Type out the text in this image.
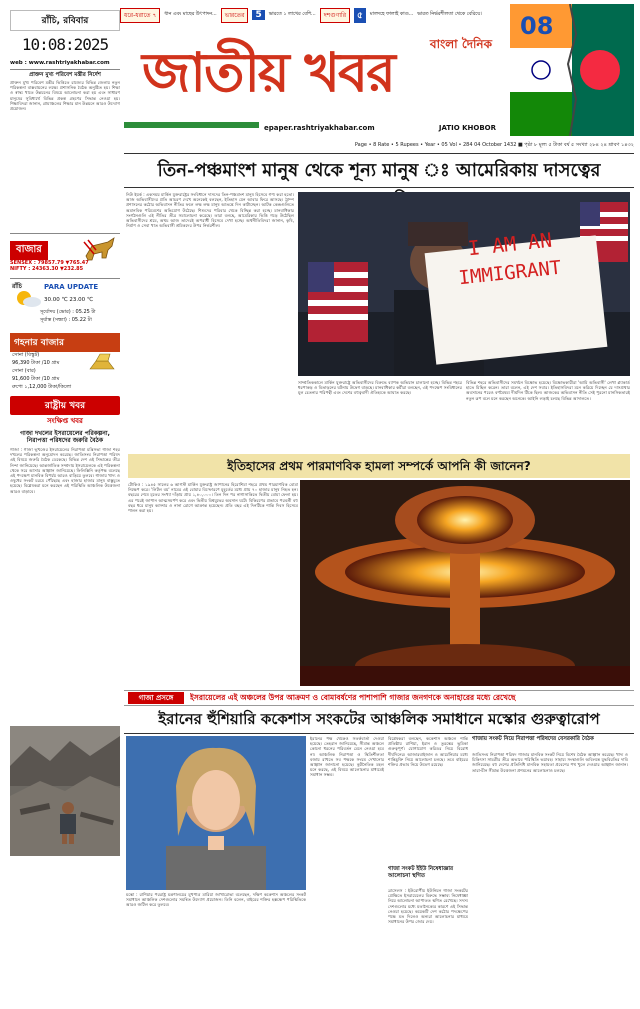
ধরে-ধরাতে ৭	ধান এবং মাছের উৎপাদন...	ভারতের	5	ভারতে ১ লাখের বেশি...	দশগুণারি	৫	মালদহে ফালাই কাণ্ড... ভারত নির্ভরশীলতা থেকে বেরিয়ে।
রাঁচি, রবিবার
10:08:2025
web : www.rashtriyakhabar.com
প্রাক্তন মুখ্য পরিবেশ মন্ত্রীর নির্দেশ
প্রাক্তন মুখ্য পরিবেশ মন্ত্রীর ভিত্তিতে রাজ্যের বিভিন্ন জেলায় নতুন পরিকল্পনা বাস্তবায়নের লক্ষ্যে প্রশাসনিক বৈঠক অনুষ্ঠিত হয়। শিক্ষা ও স্বাস্থ্য খাতে উন্নয়নের বিষয়ে আলোচনা করা হয় এবং সাধারণ মানুষের সুবিধার্থে বিভিন্ন প্রকল্প গ্রহণের সিদ্ধান্ত নেওয়া হয়। শিক্ষাবিদরা জানান, গ্রামাঞ্চলের শিক্ষার মান উন্নয়নে আরও উদ্যোগ প্রয়োজন।
বাজার
SENSEX : 79857.79 ▼765.47
NIFTY : 24363.30 ▼232.85
রাঁচি	PARA UPDATE
30.00 ℃ 23.00 ℃
সূর্যোদয় (ভোর) : 05.25 টা
সূর্যাস্ত (সন্ধ্যা) : 05.22 টা
গহনার বাজার
সোনা (বিস্কুট)
96,390 টাকা /10 গ্রাম
সোনা (বার)
91,600 টাকা /10 গ্রাম
রুপো ১,12,000 টাকা/কিলো
রাষ্ট্রীয় খবর
সংক্ষিপ্ত খবর
গাজা দখলের ইসরায়েলের পরিকল্পনা, নিরাপত্তা পরিষদের জরুরি বৈঠক
গাজা : গাজা ভূখণ্ডের ইসরায়েলের নিরাপত্তা মন্ত্রিসভা গাজা শহর দখলের পরিকল্পনা অনুমোদন করেছে। জাতিসংঘ নিরাপত্তা পরিষদ এই বিষয়ে জরুরি বৈঠক ডেকেছে। বিভিন্ন দেশ এই সিদ্ধান্তের তীব্র নিন্দা জানিয়েছে। আন্তর্জাতিক সম্প্রদায় ইসরায়েলকে এই পরিকল্পনা থেকে সরে আসার আহ্বান জানিয়েছে। ফিলিস্তিনি কর্তৃপক্ষ বলেছে এই পদক্ষেপ মানবিক বিপর্যয় আরও বাড়িয়ে তুলবে। গাজায় খাদ্য ও ওষুধের সংকট চরমে পৌঁছেছে এবং হাজার হাজার মানুষ বাস্তুচ্যুত হয়েছে। বিশ্লেষকরা মনে করছেন এই পরিস্থিতি আঞ্চলিক উত্তেজনা আরও বাড়াবে।
বাংলা দৈনিক
জাতীয় খবর
epaper.rashtriyakhabar.com	JATIO KHOBOR
08
Page • 8 Rate • 5 Rupees • Year • 05 Vol • 284 04 October 1432 ■ পৃষ্ঠা ৮ মূল্য ৫ টাকা বর্ষ ৫ সংখ্যা ২৮৪ ২৪ শ্রাবণ ১৪৩২
তিন-পঞ্চমাংশ মানুষ থেকে শূন্য মানুষ ঃ আমেরিকায় দাসত্বের
নিউ ইয়র্ক : একসময় মার্কিন যুক্তরাষ্ট্রের সংবিধানে দাসদের তিন-পঞ্চমাংশ মানুষ হিসেবে গণ্য করা হতো। আজ অভিবাসীদের প্রতি আচরণ দেখে অনেকেই বলছেন, ইতিহাস যেন আবার ফিরে আসছে। ট্রাম্প প্রশাসনের কঠোর অভিবাসন নীতির ফলে লক্ষ লক্ষ মানুষ আতঙ্কে দিন কাটাচ্ছেন। আটক কেন্দ্রগুলিতে অমানবিক পরিবেশের অভিযোগ উঠেছে। শিশুদের পরিবার থেকে বিচ্ছিন্ন করা হচ্ছে। মানবাধিকার সংগঠনগুলি এই নীতির তীব্র সমালোচনা করেছে। তারা বলছে, আমেরিকার ভিত্তি গড়ে উঠেছিল অভিবাসীদের শ্রমে, অথচ আজ তাদেরই অপরাধী হিসেবে দেখা হচ্ছে। অর্থনীতিবিদরা জানান, কৃষি, নির্মাণ ও সেবা খাত অভিবাসী শ্রমিকদের উপর নির্ভরশীল।
I AM AN
IMMIGRANT
সাম্প্রতিককালে মার্কিন যুক্তরাষ্ট্রে অভিবাসীদের বিরুদ্ধে ব্যাপক অভিযান চালানো হচ্ছে। বিভিন্ন শহরে ধরপাকড় ও বিতাড়নের ঘটনায় উদ্বেগ বাড়ছে। মানবাধিকার কর্মীরা বলছেন, এই পদক্ষেপ সংবিধানের মূল চেতনার পরিপন্থী এবং দেশের বহুত্ববাদী ঐতিহ্যকে আঘাত করছে।
বিভিন্ন শহরে অভিবাসীদের সমর্থনে বিক্ষোভ হয়েছে। বিক্ষোভকারীরা 'আমি অভিবাসী' লেখা প্ল্যাকার্ড হাতে মিছিল করেন। তারা বলেন, এই দেশ সবার। ইতিহাসবিদরা মনে করিয়ে দিচ্ছেন যে দাসপ্রথার অবসানের পরেও বর্ণবৈষম্য দীর্ঘদিন টিকে ছিল। আজকের অভিবাসন নীতি সেই পুরনো মানসিকতারই নতুন রূপ বলে মনে করছেন অনেকে। আইনি লড়াই চলছে বিভিন্ন আদালতে।
ইতিহাসের প্রথম পারমাণবিক হামলা সম্পর্কে আপনি কী জানেন?
টোকিও : ১৯৪৫ সালের ৬ আগস্ট মার্কিন যুক্তরাষ্ট্র জাপানের হিরোশিমা শহরে প্রথম পারমাণবিক বোমা নিক্ষেপ করে। 'লিটল বয়' নামের এই বোমার বিস্ফোরণে মুহূর্তের মধ্যে প্রায় ৭০ হাজার মানুষ নিহত হন। বছরের শেষে মৃতের সংখ্যা দাঁড়ায় প্রায় ১,৪০,০০০। তিন দিন পর নাগাসাকিতে দ্বিতীয় বোমা ফেলা হয়। এর পরেই জাপান আত্মসমর্পণ করে এবং দ্বিতীয় বিশ্বযুদ্ধের অবসান ঘটে। বিকিরণের প্রভাবে পরবর্তী বহু বছর ধরে মানুষ ক্যান্সার ও নানা রোগে আক্রান্ত হয়েছেন। প্রতি বছর এই দিনটিকে শান্তি দিবস হিসেবে পালন করা হয়।
গাজা প্রসঙ্গে	ইসরায়েলের এই অঞ্চলের উপর আক্রমণ ও বোমাবর্ষণের পাশাপাশি গাজার জনগণকে অনাহারের মধ্যে রেখেছে
ইরানের হুঁশিয়ারি ককেশাস সংকটের আঞ্চলিক সমাধানে মস্কোর গুরুত্বারোপ
মস্কো : রাশিয়ার পররাষ্ট্র মন্ত্রণালয়ের মুখপাত্র মারিয়া জাখারোভা বলেছেন, দক্ষিণ ককেশাস অঞ্চলের সংকট সমাধানে আঞ্চলিক দেশগুলোর সমন্বিত উদ্যোগ প্রয়োজন। তিনি বলেন, বাইরের শক্তির হস্তক্ষেপ পরিস্থিতিকে আরও জটিল করে তুলবে।
ইরানের পক্ষ থেকেও সতর্কবার্তা দেওয়া হয়েছে। তেহরান জানিয়েছে, সীমান্ত অঞ্চলে কোনো ধরনের পরিবর্তন মেনে নেওয়া হবে না। আঞ্চলিক নিরাপত্তা ও স্থিতিশীলতা বজায় রাখতে সব পক্ষকে সংযম দেখানোর আহ্বান জানানো হয়েছে। কূটনৈতিক মহল মনে করছে, এই বিষয়ে আলোচনার মাধ্যমেই সমাধান সম্ভব।
বিশ্লেষকরা বলছেন, ককেশাস অঞ্চলে শান্তি প্রতিষ্ঠায় রাশিয়া, ইরান ও তুরস্কের ভূমিকা গুরুত্বপূর্ণ। যোগাযোগ করিডর নিয়ে বিরোধ দীর্ঘদিনের। আজারবাইজান ও আর্মেনিয়ার মধ্যে শান্তিচুক্তি নিয়ে আলোচনা চলছে। তবে বাইরের শক্তির প্রভাব নিয়ে উদ্বেগ রয়েছে।
গাজা সংকট ইইউ নিষেধাজ্ঞার আলোচনা স্থগিত
ব্রাসেলস : ইউরোপীয় ইউনিয়ন গাজা সংকটের প্রেক্ষিতে ইসরায়েলের বিরুদ্ধে সম্ভাব্য নিষেধাজ্ঞা নিয়ে আলোচনা আপাতত স্থগিত রেখেছে। সদস্য দেশগুলোর মধ্যে মতানৈক্যের কারণে এই সিদ্ধান্ত নেওয়া হয়েছে। কয়েকটি দেশ কঠোর পদক্ষেপের পক্ষে মত দিলেও অন্যরা আলোচনার মাধ্যমে সমাধানের উপর জোর দেয়।
গাজায় সংকট নিয়ে নিরাপত্তা পরিষদের বেসরকারি বৈঠক
জাতিসংঘ নিরাপত্তা পরিষদ গাজার মানবিক সংকট নিয়ে বিশেষ বৈঠক আহ্বান করেছে। খাদ্য ও চিকিৎসা সামগ্রীর তীব্র অভাবে পরিস্থিতি ভয়াবহ। সাহায্য সংস্থাগুলি অবিলম্বে যুদ্ধবিরতির দাবি জানিয়েছে। বহু দেশের প্রতিনিধি মানবিক সহায়তা প্রবেশের পথ খুলে দেওয়ার আহ্বান জানান। তারা-চীন সীমান্ত উত্তেজনা প্রশমনের আলোচনাও চলছে।
